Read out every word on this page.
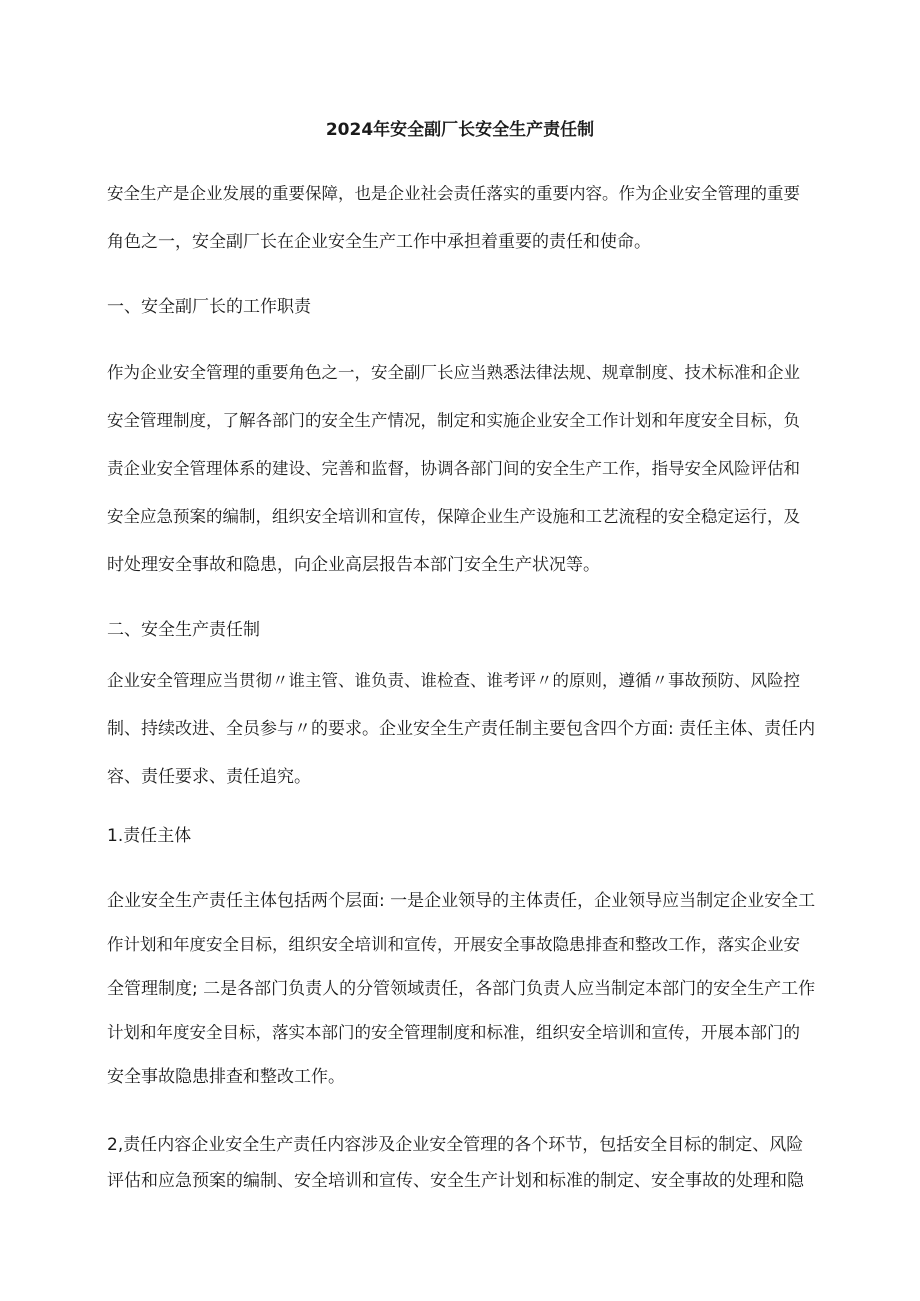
2024年安全副厂长安全生产责任制
安全生产是企业发展的重要保障，也是企业社会责任落实的重要内容。作为企业安全管理的重要
角色之一，安全副厂长在企业安全生产工作中承担着重要的责任和使命。
一、安全副厂长的工作职责
作为企业安全管理的重要角色之一，安全副厂长应当熟悉法律法规、规章制度、技术标准和企业
安全管理制度，了解各部门的安全生产情况，制定和实施企业安全工作计划和年度安全目标，负
责企业安全管理体系的建设、完善和监督，协调各部门间的安全生产工作，指导安全风险评估和
安全应急预案的编制，组织安全培训和宣传，保障企业生产设施和工艺流程的安全稳定运行，及
时处理安全事故和隐患，向企业高层报告本部门安全生产状况等。
二、安全生产责任制
企业安全管理应当贯彻〃谁主管、谁负责、谁检查、谁考评〃的原则，遵循〃事故预防、风险控
制、持续改进、全员参与〃的要求。企业安全生产责任制主要包含四个方面: 责任主体、责任内
容、责任要求、责任追究。
1.责任主体
企业安全生产责任主体包括两个层面: 一是企业领导的主体责任，企业领导应当制定企业安全工
作计划和年度安全目标，组织安全培训和宣传，开展安全事故隐患排查和整改工作，落实企业安
全管理制度; 二是各部门负责人的分管领域责任，各部门负责人应当制定本部门的安全生产工作
计划和年度安全目标，落实本部门的安全管理制度和标准，组织安全培训和宣传，开展本部门的
安全事故隐患排查和整改工作。
2,责任内容企业安全生产责任内容涉及企业安全管理的各个环节，包括安全目标的制定、风险
评估和应急预案的编制、安全培训和宣传、安全生产计划和标准的制定、安全事故的处理和隐
